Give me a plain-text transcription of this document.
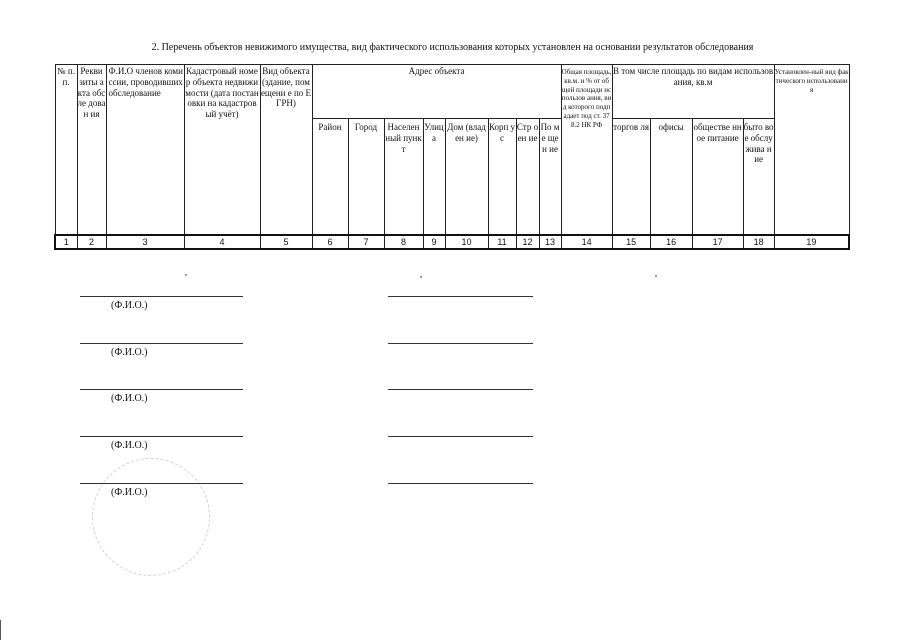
2. Перечень объектов невижимого имущества, вид фактического использования которых установлен на основании результатов обследования
№ п.п.	Рекви зиты акта обсле дован ия	Ф.И.О членов комиссии, проводивших обследование	Кадастровый номер объекта недвижимости (дата постановки на кадастровый учёт)	Вид объекта (здание, помещени е по ЕГРН)	Адрес объекта								Общая площадь, кв.м. и % от общей площади использов ания, вид которого подпадает под ст. 378.2 НК РФ	В том числе площадь по видам использования, кв.м				Установлен-ный вид фактического использования
					Район	Город	Населен ный пункт	Улиц а	Дом (владен ие)	Корп ус	Стр оен ие	По ме щен ие		торгов ля	офисы	обществе нное питание	быто вое обслу жива ние	
1	2	3	4	5	6	7	8	9	10	11	12	13	14	15	16	17	18	19
(Ф.И.О.)
(Ф.И.О.)
(Ф.И.О.)
(Ф.И.О.)
(Ф.И.О.)
